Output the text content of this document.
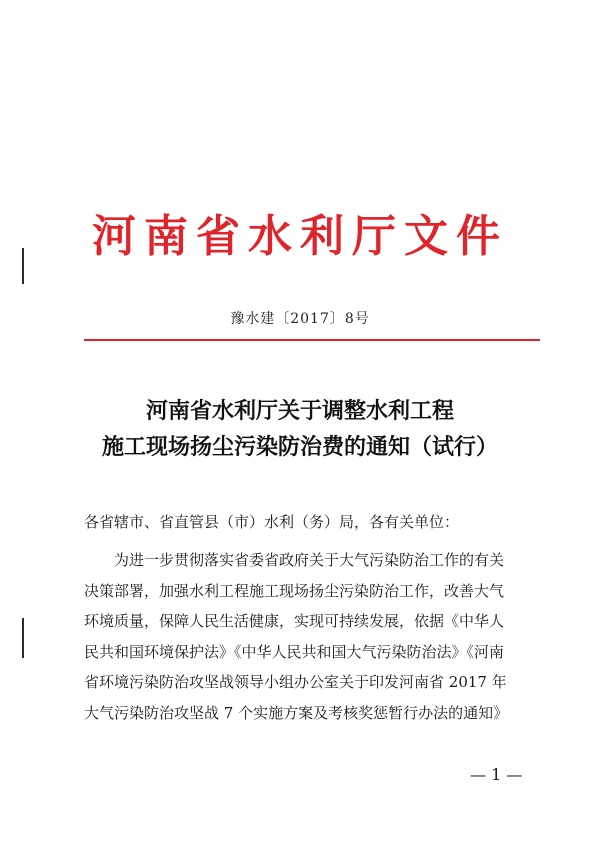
河南省水利厅文件
豫水建〔2017〕8号
河南省水利厅关于调整水利工程
施工现场扬尘污染防治费的通知（试行）
各省辖市、省直管县（市）水利（务）局，各有关单位：
　　为进一步贯彻落实省委省政府关于大气污染防治工作的有关
决策部署，加强水利工程施工现场扬尘污染防治工作，改善大气
环境质量，保障人民生活健康，实现可持续发展，依据《中华人
民共和国环境保护法》《中华人民共和国大气污染防治法》《河南
省环境污染防治攻坚战领导小组办公室关于印发河南省 2017 年
大气污染防治攻坚战 7 个实施方案及考核奖惩暂行办法的通知》
— 1 —
